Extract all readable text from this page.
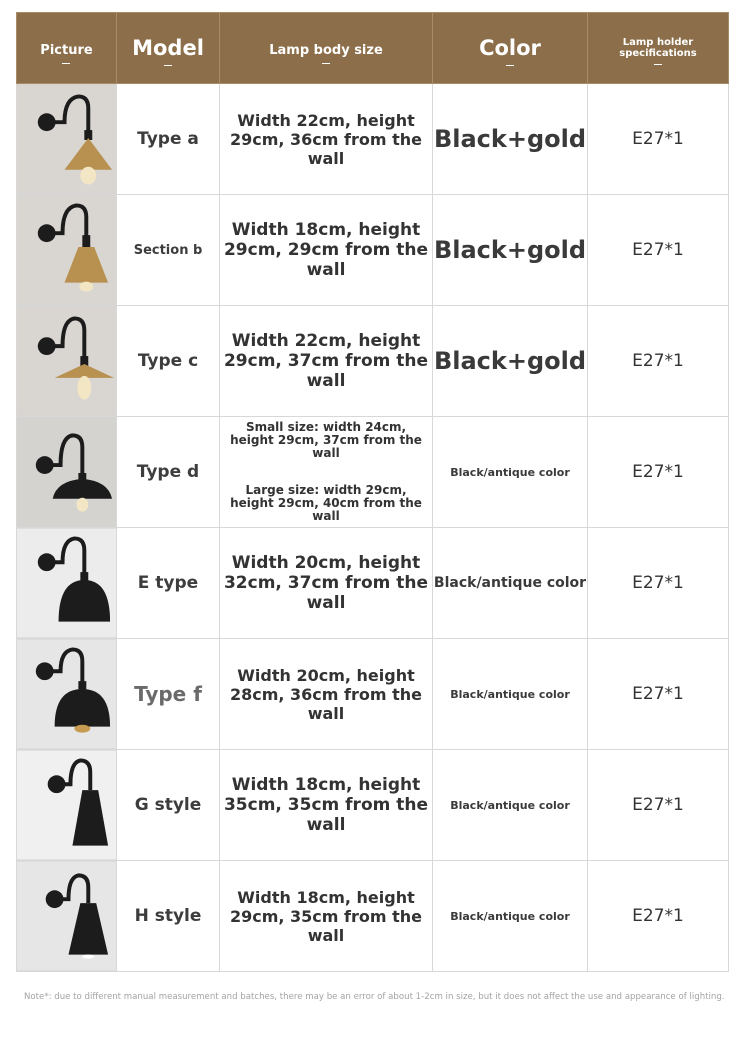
Picture	Model	Lamp body size	Color	Lamp holder
specifications

	Type a	Width 22cm, height 29cm, 36cm from the wall	Black+gold	E27*1

	Section b	Width 18cm, height 29cm, 29cm from the wall	Black+gold	E27*1

	Type c	Width 22cm, height 29cm, 37cm from the wall	Black+gold	E27*1

	Type d	Small size: width 24cm, height 29cm, 37cm from the wall
Large size: width 29cm, height 29cm, 40cm from the wall	Black/antique color	E27*1

	E type	Width 20cm, height 32cm, 37cm from the wall	Black/antique color	E27*1

	Type f	Width 20cm, height 28cm, 36cm from the wall	Black/antique color	E27*1

	G style	Width 18cm, height 35cm, 35cm from the wall	Black/antique color	E27*1

	H style	Width 18cm, height 29cm, 35cm from the wall	Black/antique color	E27*1
Note*: due to different manual measurement and batches, there may be an error of about 1-2cm in size, but it does not affect the use and appearance of lighting.
